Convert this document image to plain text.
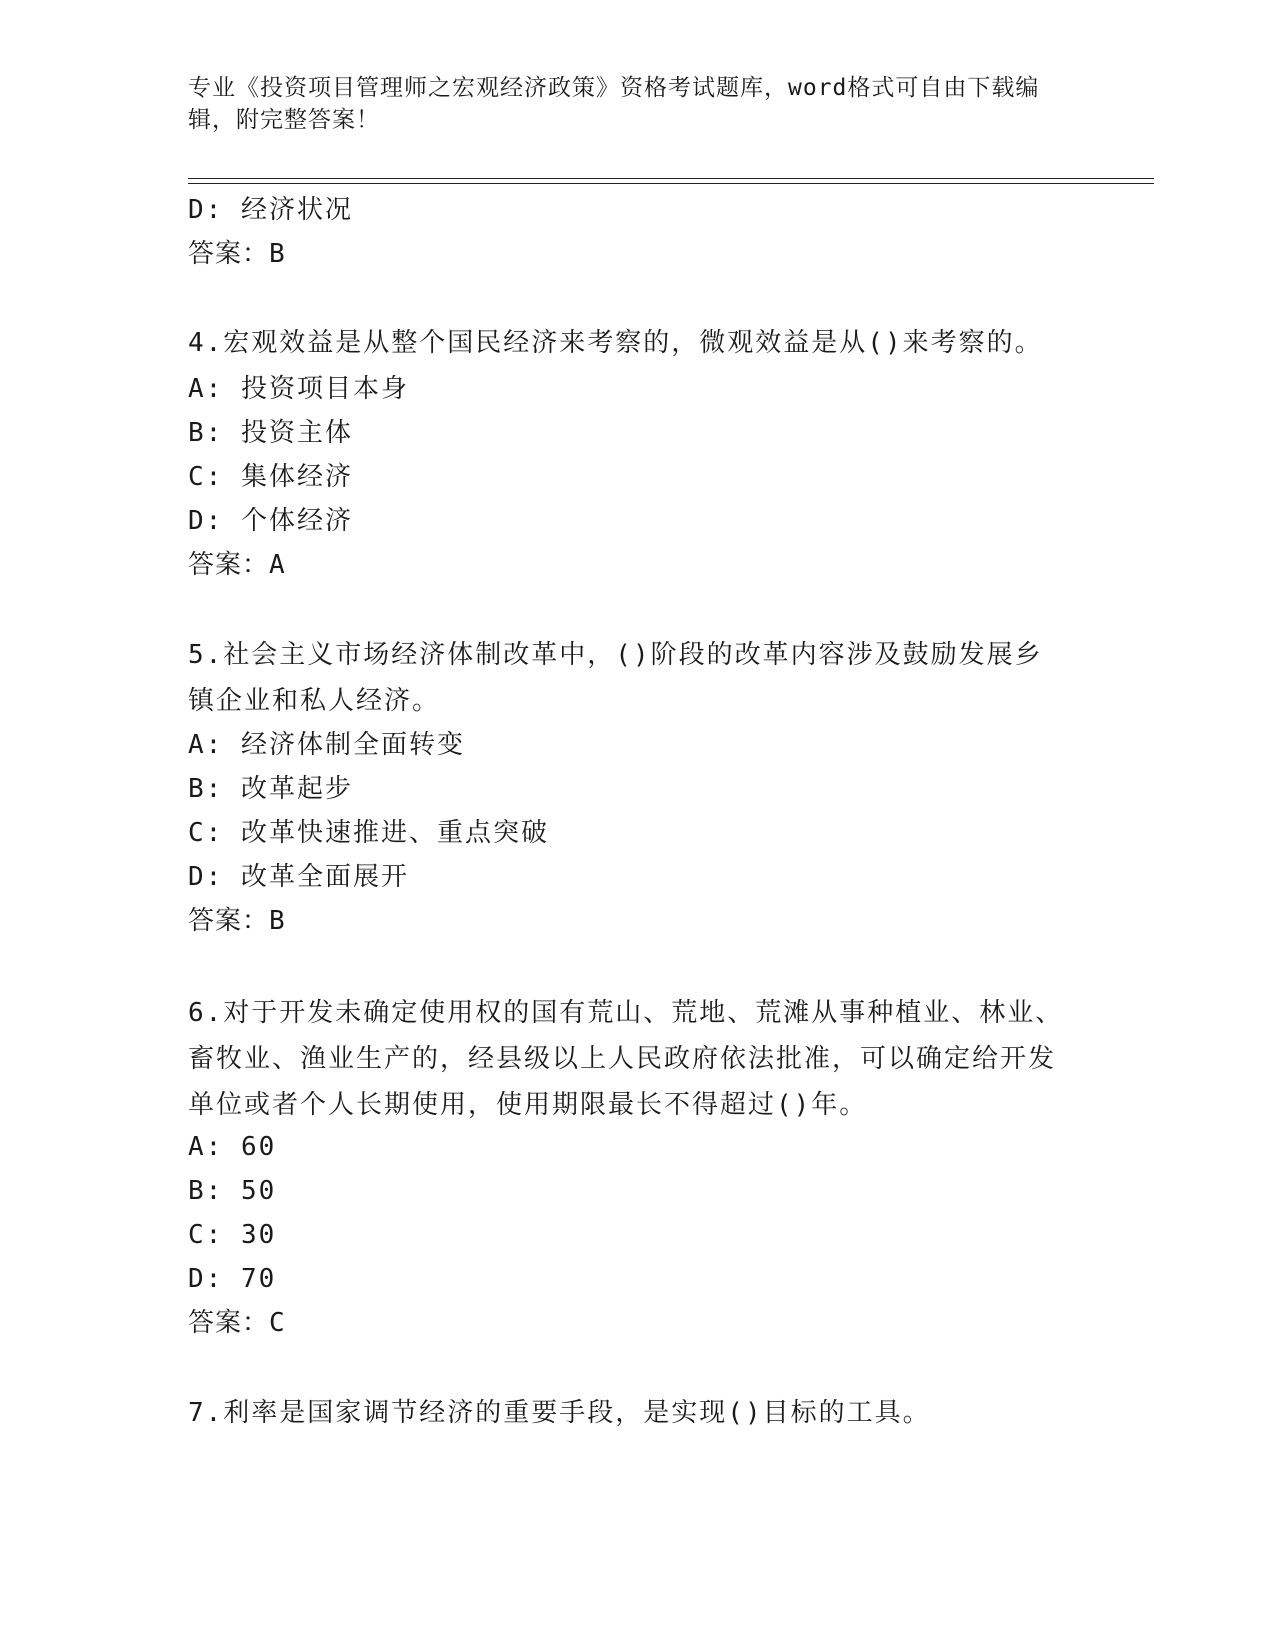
专业《投资项目管理师之宏观经济政策》资格考试题库，word格式可自由下载编辑，附完整答案！
D: 经济状况
答案：B
4.宏观效益是从整个国民经济来考察的，微观效益是从()来考察的。
A: 投资项目本身
B: 投资主体
C: 集体经济
D: 个体经济
答案：A
5.社会主义市场经济体制改革中，()阶段的改革内容涉及鼓励发展乡镇企业和私人经济。
A: 经济体制全面转变
B: 改革起步
C: 改革快速推进、重点突破
D: 改革全面展开
答案：B
6.对于开发未确定使用权的国有荒山、荒地、荒滩从事种植业、林业、畜牧业、渔业生产的，经县级以上人民政府依法批准，可以确定给开发单位或者个人长期使用，使用期限最长不得超过()年。
A: 60
B: 50
C: 30
D: 70
答案：C
7.利率是国家调节经济的重要手段，是实现()目标的工具。
